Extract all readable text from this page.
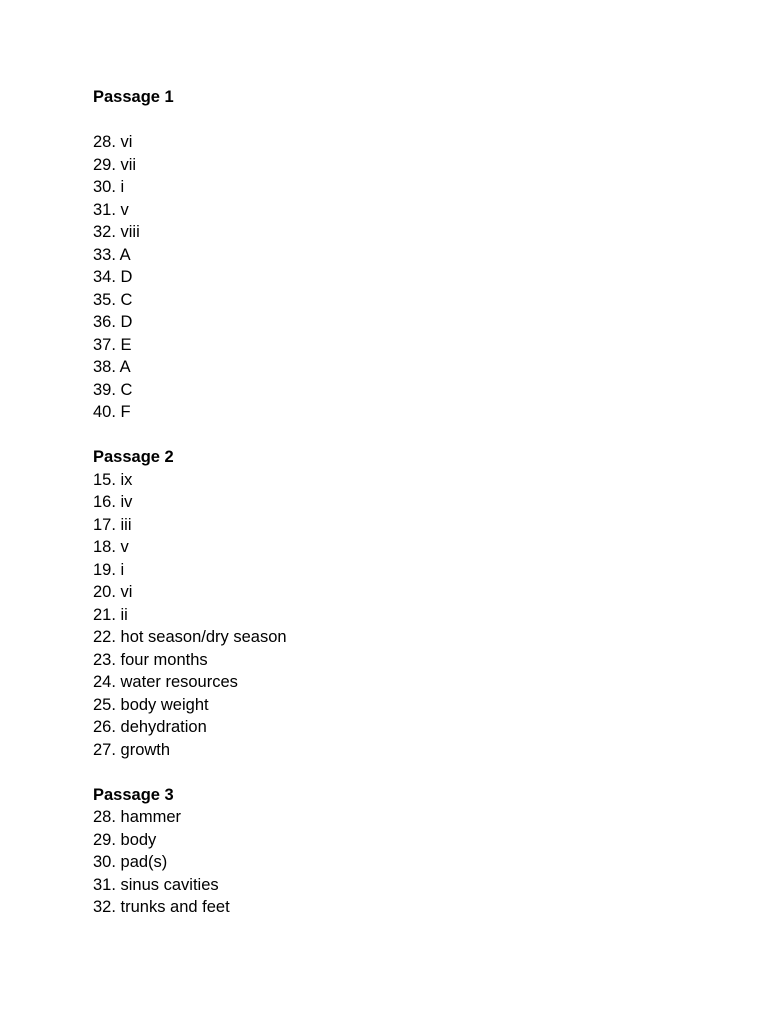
Passage 1
28. vi
29. vii
30. i
31. v
32. viii
33. A
34. D
35. C
36. D
37. E
38. A
39. C
40. F
Passage 2
15. ix
16. iv
17. iii
18. v
19. i
20. vi
21. ii
22. hot season/dry season
23. four months
24. water resources
25. body weight
26. dehydration
27. growth
Passage 3
28. hammer
29. body
30. pad(s)
31. sinus cavities
32. trunks and feet
